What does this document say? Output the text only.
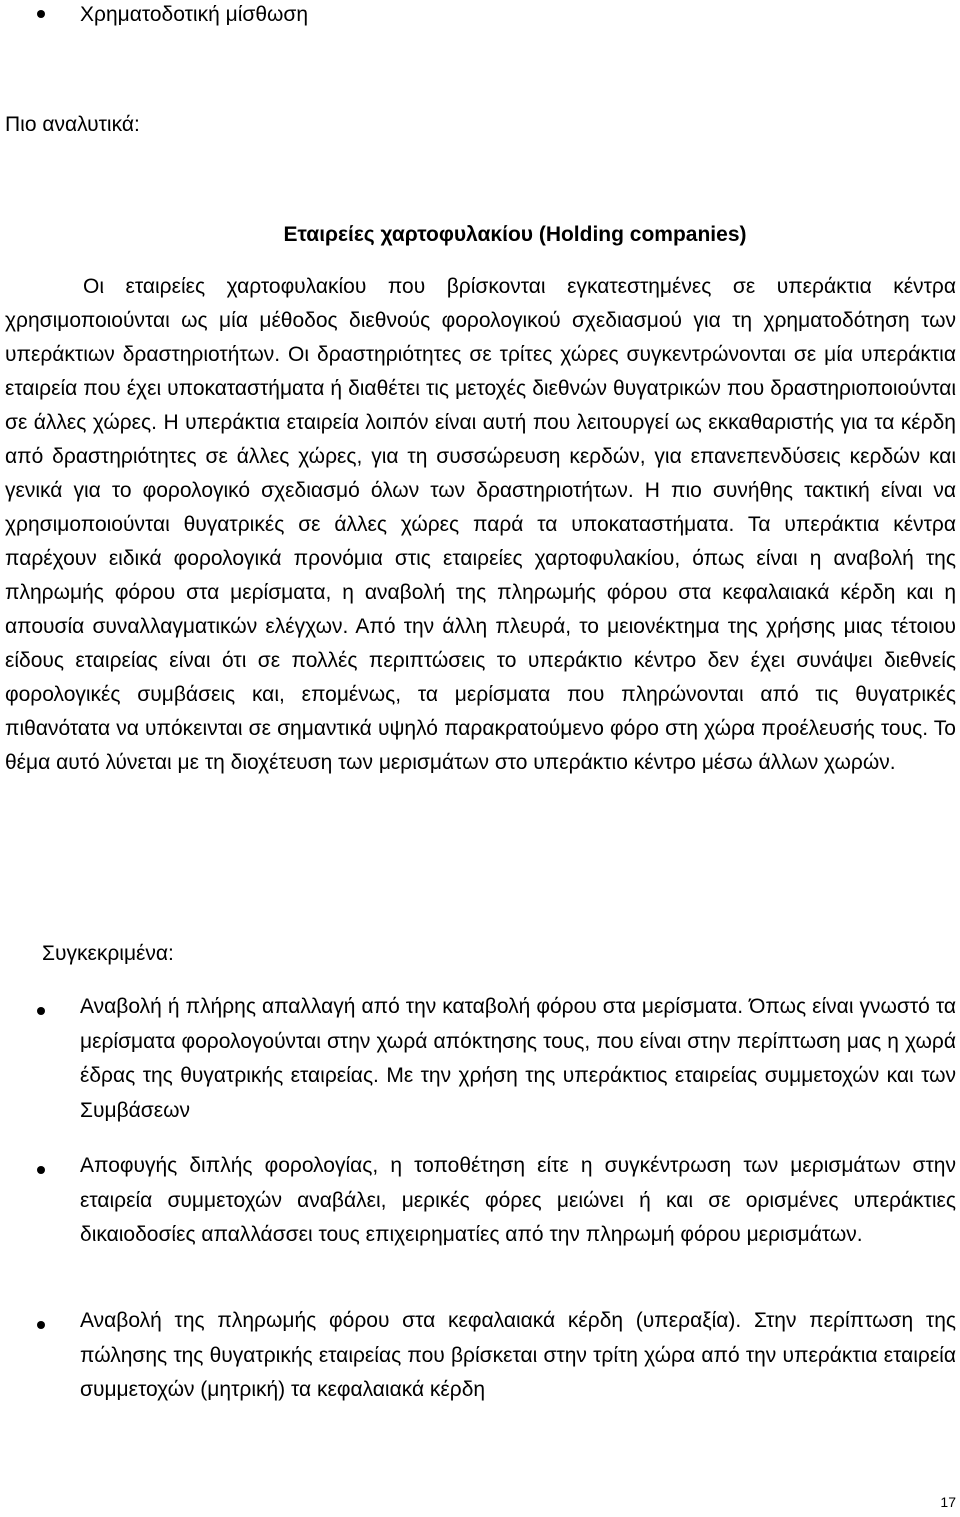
Χρηματοδοτική μίσθωση
Πιο αναλυτικά:
Εταιρείες χαρτοφυλακίου (Holding companies)
Οι εταιρείες χαρτοφυλακίου που βρίσκονται εγκατεστημένες σε υπεράκτια κέντρα χρησιμοποιούνται ως μία μέθοδος διεθνούς φορολογικού σχεδιασμού για τη χρηματοδότηση των υπεράκτιων δραστηριοτήτων. Οι δραστηριότητες σε τρίτες χώρες συγκεντρώνονται σε μία υπεράκτια εταιρεία που έχει υποκαταστήματα ή διαθέτει τις μετοχές διεθνών θυγατρικών που δραστηριοποιούνται σε άλλες χώρες. Η υπεράκτια εταιρεία λοιπόν είναι αυτή που λειτουργεί ως εκκαθαριστής για τα κέρδη από δραστηριότητες σε άλλες χώρες, για τη συσσώρευση κερδών, για επανεπενδύσεις κερδών και γενικά για το φορολογικό σχεδιασμό όλων των δραστηριοτήτων. Η πιο συνήθης τακτική είναι να χρησιμοποιούνται θυγατρικές σε άλλες χώρες παρά τα υποκαταστήματα. Τα υπεράκτια κέντρα παρέχουν ειδικά φορολογικά προνόμια στις εταιρείες χαρτοφυλακίου, όπως είναι η αναβολή της πληρωμής φόρου στα μερίσματα, η αναβολή της πληρωμής φόρου στα κεφαλαιακά κέρδη και η απουσία συναλλαγματικών ελέγχων. Από την άλλη πλευρά, το μειονέκτημα της χρήσης μιας τέτοιου είδους εταιρείας είναι ότι σε πολλές περιπτώσεις το υπεράκτιο κέντρο δεν έχει συνάψει διεθνείς φορολογικές συμβάσεις και, επομένως, τα μερίσματα που πληρώνονται από τις θυγατρικές πιθανότατα να υπόκεινται σε σημαντικά υψηλό παρακρατούμενο φόρο στη χώρα προέλευσής τους. Το θέμα αυτό λύνεται με τη διοχέτευση των μερισμάτων στο υπεράκτιο κέντρο μέσω άλλων χωρών.
Συγκεκριμένα:
Αναβολή ή πλήρης απαλλαγή από την καταβολή φόρου στα μερίσματα. Όπως είναι γνωστό τα μερίσματα φορολογούνται στην χωρά απόκτησης τους, που είναι στην περίπτωση μας η χωρά έδρας της θυγατρικής εταιρείας. Με την χρήση της υπεράκτιος εταιρείας συμμετοχών και των Συμβάσεων
Αποφυγής διπλής φορολογίας, η τοποθέτηση είτε η συγκέντρωση των μερισμάτων στην εταιρεία συμμετοχών αναβάλει, μερικές φόρες μειώνει ή και σε ορισμένες υπεράκτιες δικαιοδοσίες απαλλάσσει τους επιχειρηματίες από την πληρωμή φόρου μερισμάτων.
Αναβολή της πληρωμής φόρου στα κεφαλαιακά κέρδη (υπεραξία). Στην περίπτωση της πώλησης της θυγατρικής εταιρείας που βρίσκεται στην τρίτη χώρα από την υπεράκτια εταιρεία συμμετοχών (μητρική) τα κεφαλαιακά κέρδη
17
